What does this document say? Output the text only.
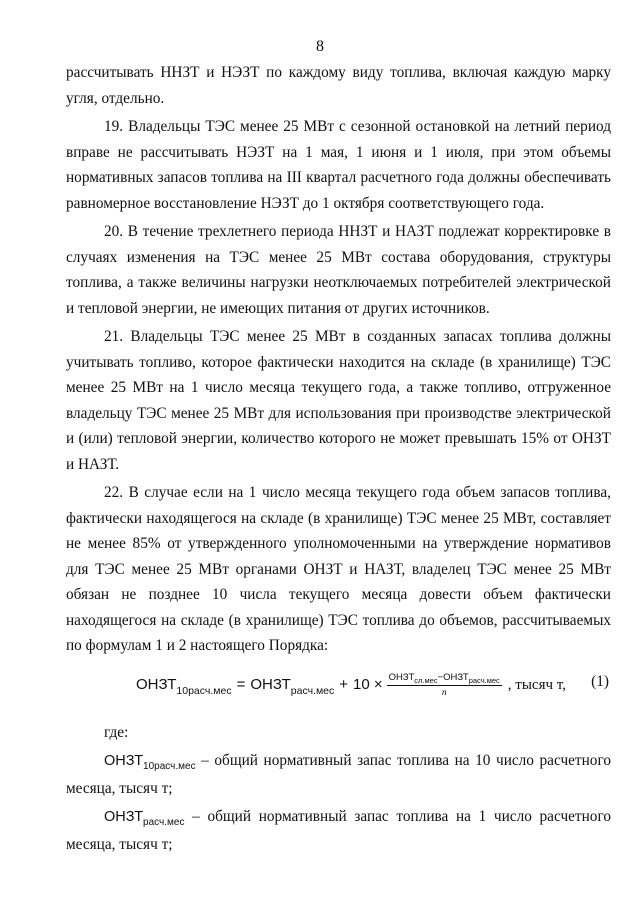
8

рассчитывать ННЗТ и НЭЗТ по каждому виду топлива, включая каждую марку угля, отдельно.

19. Владельцы ТЭС менее 25 МВт с сезонной остановкой на летний период вправе не рассчитывать НЭЗТ на 1 мая, 1 июня и 1 июля, при этом объемы нормативных запасов топлива на III квартал расчетного года должны обеспечивать равномерное восстановление НЭЗТ до 1 октября соответствующего года.

20. В течение трехлетнего периода ННЗТ и НАЗТ подлежат корректировке в случаях изменения на ТЭС менее 25 МВт состава оборудования, структуры топлива, а также величины нагрузки неотключаемых потребителей электрической и тепловой энергии, не имеющих питания от других источников.

21. Владельцы ТЭС менее 25 МВт в созданных запасах топлива должны учитывать топливо, которое фактически находится на складе (в хранилище) ТЭС менее 25 МВт на 1 число месяца текущего года, а также топливо, отгруженное владельцу ТЭС менее 25 МВт для использования при производстве электрической и (или) тепловой энергии, количество которого не может превышать 15% от ОНЗТ и НАЗТ.

22. В случае если на 1 число месяца текущего года объем запасов топлива, фактически находящегося на складе (в хранилище) ТЭС менее 25 МВт, составляет не менее 85% от утвержденного уполномоченными на утверждение нормативов для ТЭС менее 25 МВт органами ОНЗТ и НАЗТ, владелец ТЭС менее 25 МВт обязан не позднее 10 числа текущего месяца довести объем фактически находящегося на складе (в хранилище) ТЭС топлива до объемов, рассчитываемых по формулам 1 и 2 настоящего Порядка:

$ОНЗТ_{10расч.мес}$ = $ОНЗТ_{расч.мес} + 10 \times \frac{ОНЗТ_{сл.мес}-ОНЗТ_{расч.мес}}{n}$ , тысяч т, (1)

где:

$ОНЗТ_{10расч.мес}$ – общий нормативный запас топлива на 10 число расчетного месяца, тысяч т;

$ОНЗТ_{расч.мес}$ – общий нормативный запас топлива на 1 число расчетного месяца, тысяч т;
